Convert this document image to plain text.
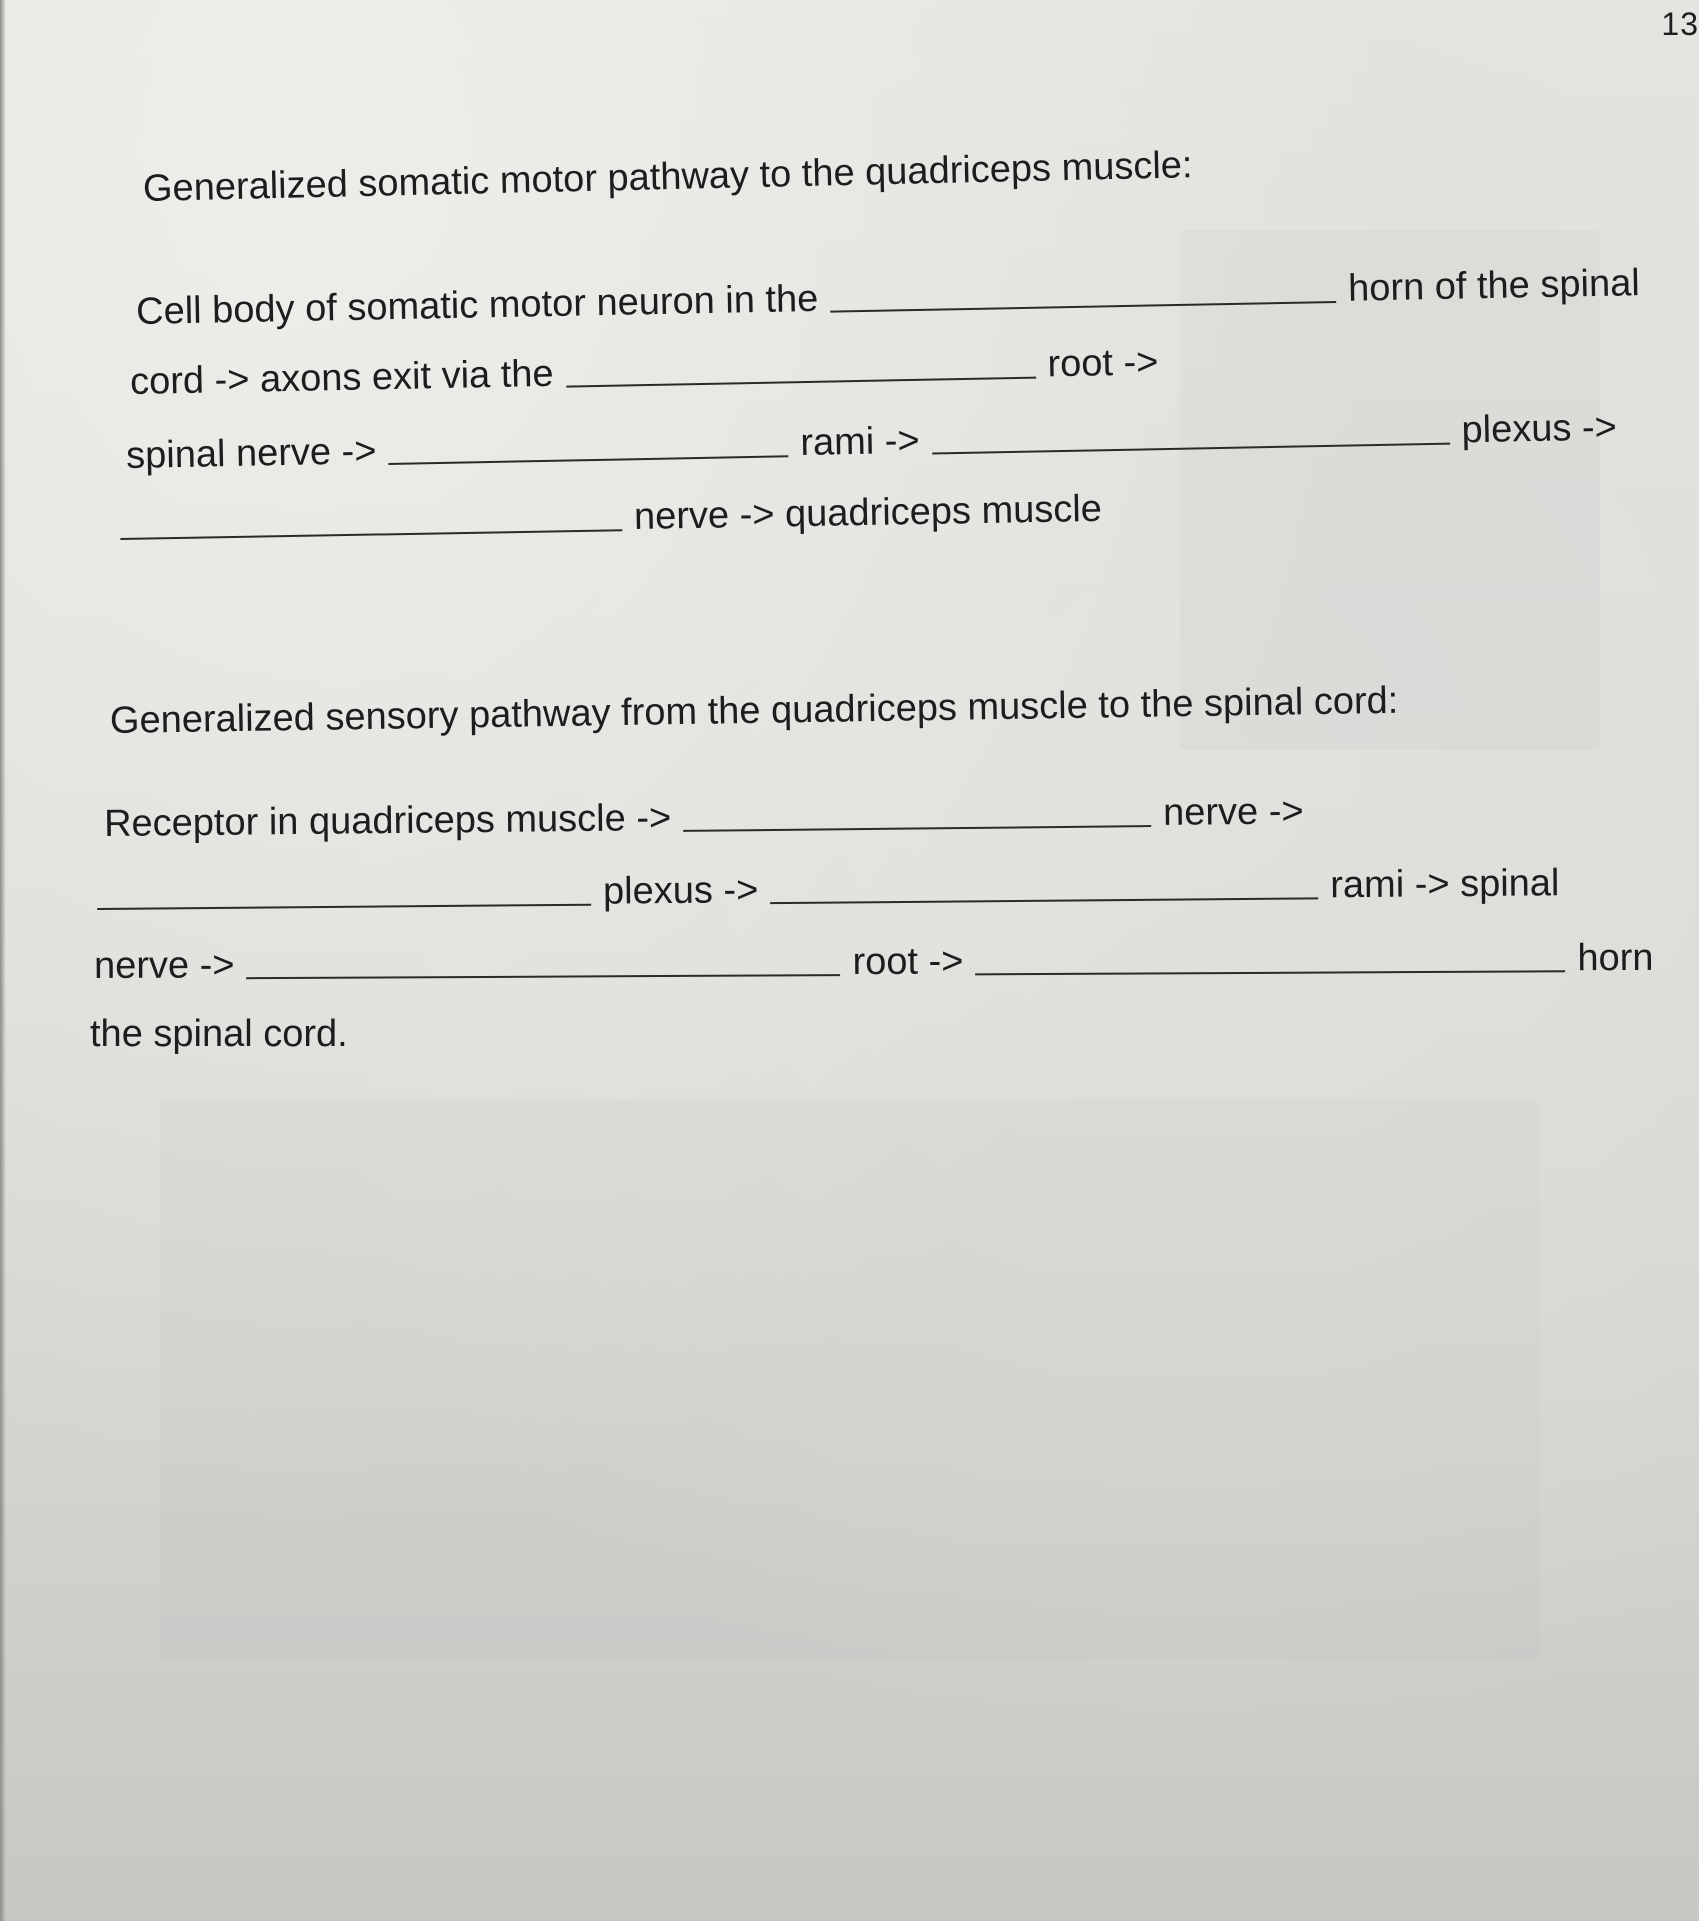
13
Generalized somatic motor pathway to the quadriceps muscle:
Cell body of somatic motor neuron in the	horn of the spinal
cord -> axons exit via the	root ->
spinal nerve ->	rami ->	plexus ->
nerve -> quadriceps muscle
Generalized sensory pathway from the quadriceps muscle to the spinal cord:
Receptor in quadriceps muscle ->	nerve ->
plexus ->	rami -> spinal
nerve ->	root ->	horn
the spinal cord.
